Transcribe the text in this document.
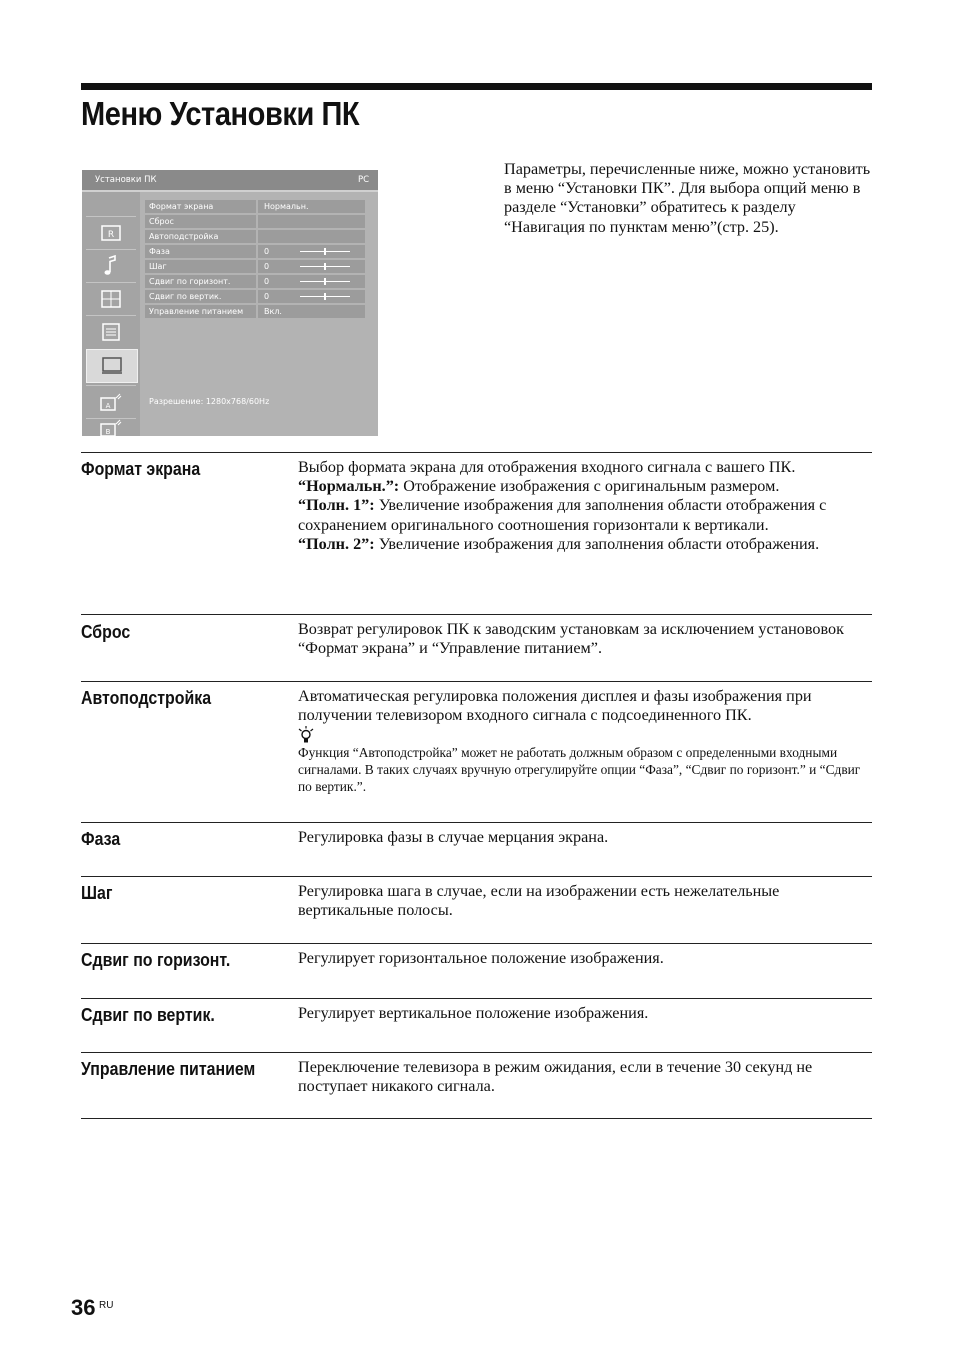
Меню Установки ПК
Установки ПК	PC
R
A
B
Формат экрана	Нормальн.
Сброс
Автоподстройка
Фаза	0
Шаг	0
Сдвиг по горизонт.	0
Сдвиг по вертик.	0
Управление питанием	Вкл.
Разрешение: 1280x768/60Hz
Параметры, перечисленные ниже, можно установить в меню “Установки ПК”. Для выбора опций меню в разделе “Установки” обратитесь к разделу “Навигация по пунктам меню”(стр. 25).
Формат экрана	Выбор формата экрана для отображения входного сигнала с вашего ПК.

“Нормальн.”: Отображение изображения с оригинальным размером.

“Полн. 1”: Увеличение изображения для заполнения области отображения с сохранением оригинального соотношения горизонтали к вертикали.

“Полн. 2”: Увеличение изображения для заполнения области отображения.

Сброс	Возврат регулировок ПК к заводским установкам за исключением установовок “Формат экрана” и “Управление питанием”.
Автоподстройка	Автоматическая регулировка положения дисплея и фазы изображения при получении телевизором входного сигнала с подсоединенного ПК.

Функция “Автоподстройка” может не работать должным образом с определенными входными сигналами. В таких случаях вручную отрегулируйте опции “Фаза”, “Сдвиг по горизонт.” и “Сдвиг по вертик.”.

Фаза	Регулировка фазы в случае мерцания экрана.
Шаг	Регулировка шага в случае, если на изображении есть нежелательные вертикальные полосы.
Сдвиг по горизонт.	Регулирует горизонтальное положение изображения.
Сдвиг по вертик.	Регулирует вертикальное положение изображения.
Управление питанием	Переключение телевизора в режим ожидания, если в течение 30 секунд не поступает никакого сигнала.
36 RU
